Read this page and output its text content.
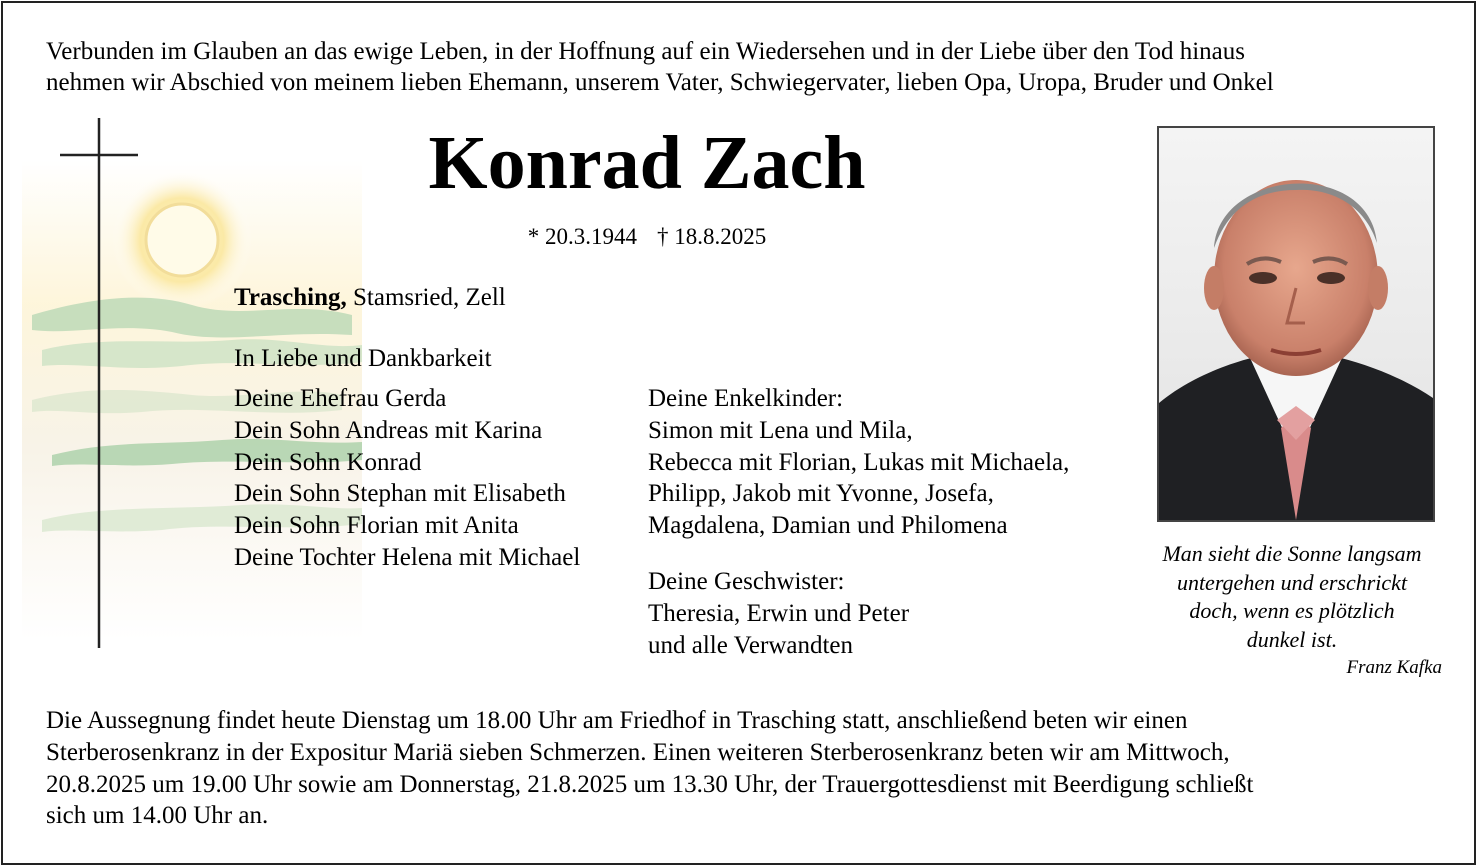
Verbunden im Glauben an das ewige Leben, in der Hoffnung auf ein Wiedersehen und in der Liebe über den Tod hinaus
nehmen wir Abschied von meinem lieben Ehemann, unserem Vater, Schwiegervater, lieben Opa, Uropa, Bruder und Onkel
Konrad Zach
* 20.3.1944 † 18.8.2025
Trasching, Stamsried, Zell
In Liebe und Dankbarkeit
Deine Ehefrau Gerda
Dein Sohn Andreas mit Karina
Dein Sohn Konrad
Dein Sohn Stephan mit Elisabeth
Dein Sohn Florian mit Anita
Deine Tochter Helena mit Michael
Deine Enkelkinder:
Simon mit Lena und Mila,
Rebecca mit Florian, Lukas mit Michaela,
Philipp, Jakob mit Yvonne, Josefa,
Magdalena, Damian und Philomena
Deine Geschwister:
Theresia, Erwin und Peter
und alle Verwandten
Man sieht die Sonne langsam
untergehen und erschrickt
doch, wenn es plötzlich
dunkel ist.
Franz Kafka
Die Aussegnung findet heute Dienstag um 18.00 Uhr am Friedhof in Trasching statt, anschließend beten wir einen
Sterberosenkranz in der Expositur Mariä sieben Schmerzen. Einen weiteren Sterberosenkranz beten wir am Mittwoch,
20.8.2025 um 19.00 Uhr sowie am Donnerstag, 21.8.2025 um 13.30 Uhr, der Trauergottesdienst mit Beerdigung schließt
sich um 14.00 Uhr an.
